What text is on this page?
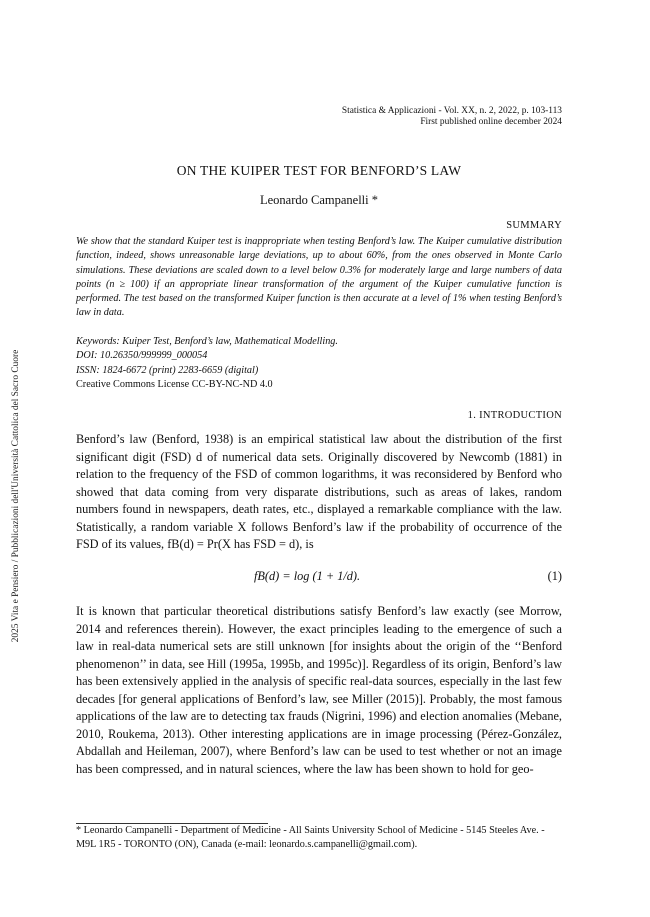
2025 Vita e Pensiero / Pubblicazioni dell'Università Cattolica del Sacro Cuore
Statistica & Applicazioni - Vol. XX, n. 2, 2022, p. 103-113
First published online december 2024
ON THE KUIPER TEST FOR BENFORD’S LAW
Leonardo Campanelli *
SUMMARY
We show that the standard Kuiper test is inappropriate when testing Benford’s law. The Kuiper cumulative distribution function, indeed, shows unreasonable large deviations, up to about 60%, from the ones observed in Monte Carlo simulations. These deviations are scaled down to a level below 0.3% for moderately large and large numbers of data points (n ≥ 100) if an appropriate linear transformation of the argument of the Kuiper cumulative function is performed. The test based on the transformed Kuiper function is then accurate at a level of 1% when testing Benford’s law in data.
Keywords: Kuiper Test, Benford’s law, Mathematical Modelling.
DOI: 10.26350/999999_000054
ISSN: 1824-6672 (print) 2283-6659 (digital)
Creative Commons License CC-BY-NC-ND 4.0
1. INTRODUCTION
Benford’s law (Benford, 1938) is an empirical statistical law about the distribution of the first significant digit (FSD) d of numerical data sets. Originally discovered by Newcomb (1881) in relation to the frequency of the FSD of common logarithms, it was reconsidered by Benford who showed that data coming from very disparate distributions, such as areas of lakes, random numbers found in newspapers, death rates, etc., displayed a remarkable compliance with the law. Statistically, a random variable X follows Benford’s law if the probability of occurrence of the FSD of its values, fB(d) = Pr(X has FSD = d), is
fB(d) = log (1 + 1/d).	(1)
It is known that particular theoretical distributions satisfy Benford’s law exactly (see Morrow, 2014 and references therein). However, the exact principles leading to the emergence of such a law in real-data numerical sets are still unknown [for insights about the origin of the ‘‘Benford phenomenon’’ in data, see Hill (1995a, 1995b, and 1995c)]. Regardless of its origin, Benford’s law has been extensively applied in the analysis of specific real-data sources, especially in the last few decades [for general applications of Benford’s law, see Miller (2015)]. Probably, the most famous applications of the law are to detecting tax frauds (Nigrini, 1996) and election anomalies (Mebane, 2010, Roukema, 2013). Other interesting applications are in image processing (Pérez-González, Abdallah and Heileman, 2007), where Benford’s law can be used to test whether or not an image has been compressed, and in natural sciences, where the law has been shown to hold for geo-
* Leonardo Campanelli - Department of Medicine - All Saints University School of Medicine - 5145 Steeles Ave. - M9L 1R5 - TORONTO (ON), Canada (e-mail: leonardo.s.campanelli@gmail.com).
